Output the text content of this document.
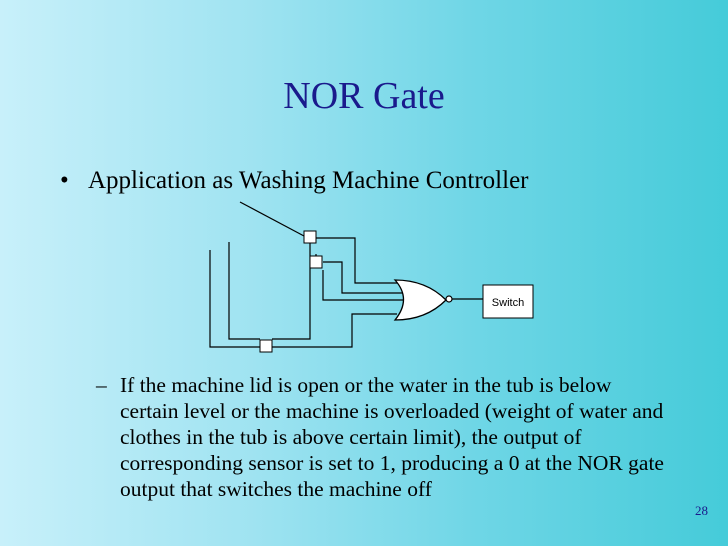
NOR Gate
• Application as Washing Machine Controller
Switch
– If the machine lid is open or the water in the tub is below certain level or the machine is overloaded (weight of water and clothes in the tub is above certain limit), the output of corresponding sensor is set to 1, producing a 0 at the NOR gate output that switches the machine off
28
